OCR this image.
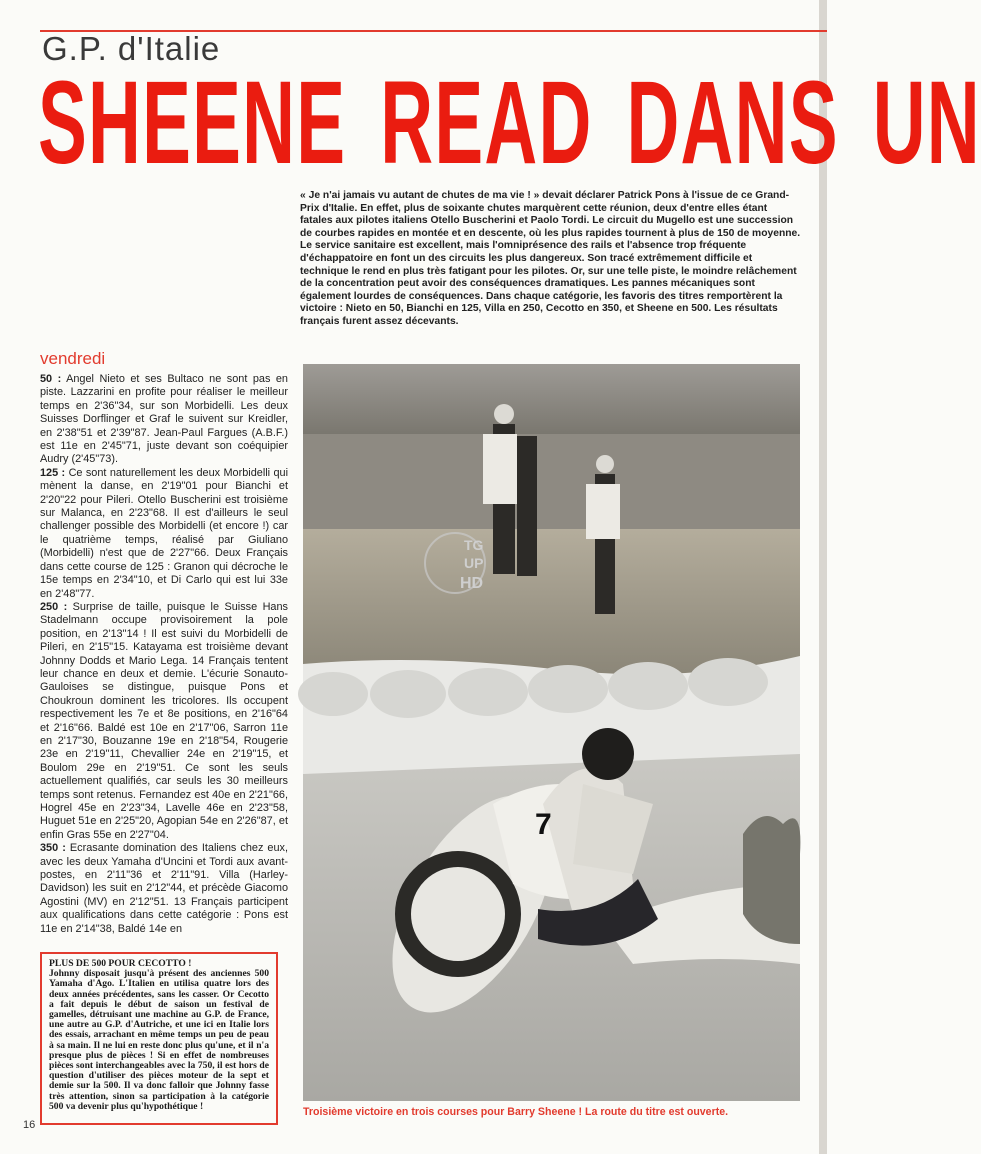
G.P. d'Italie
SHEENE READ DANS UN
« Je n'ai jamais vu autant de chutes de ma vie ! » devait déclarer Patrick Pons à l'issue de ce Grand-Prix d'Italie. En effet, plus de soixante chutes marquèrent cette réunion, deux d'entre elles étant fatales aux pilotes italiens Otello Buscherini et Paolo Tordi. Le circuit du Mugello est une succession de courbes rapides en montée et en descente, où les plus rapides tournent à plus de 150 de moyenne. Le service sanitaire est excellent, mais l'omniprésence des rails et l'absence trop fréquente d'échappatoire en font un des circuits les plus dangereux. Son tracé extrêmement difficile et technique le rend en plus très fatigant pour les pilotes. Or, sur une telle piste, le moindre relâchement de la concentration peut avoir des conséquences dramatiques. Les pannes mécaniques sont également lourdes de conséquences. Dans chaque catégorie, les favoris des titres remportèrent la victoire : Nieto en 50, Bianchi en 125, Villa en 250, Cecotto en 350, et Sheene en 500. Les résultats français furent assez décevants.
vendredi

50 : Angel Nieto et ses Bultaco ne sont pas en piste. Lazzarini en profite pour réaliser le meilleur temps en 2'36"34, sur son Morbidelli. Les deux Suisses Dorflinger et Graf le suivent sur Kreidler, en 2'38"51 et 2'39"87. Jean-Paul Fargues (A.B.F.) est 11e en 2'45"71, juste devant son coéquipier Audry (2'45"73).

125 : Ce sont naturellement les deux Morbidelli qui mènent la danse, en 2'19"01 pour Bianchi et 2'20"22 pour Pileri. Otello Buscherini est troisième sur Malanca, en 2'23"68. Il est d'ailleurs le seul challenger possible des Morbidelli (et encore !) car le quatrième temps, réalisé par Giuliano (Morbidelli) n'est que de 2'27"66. Deux Français dans cette course de 125 : Granon qui décroche le 15e temps en 2'34"10, et Di Carlo qui est lui 33e en 2'48"77.

250 : Surprise de taille, puisque le Suisse Hans Stadelmann occupe provisoirement la pole position, en 2'13"14 ! Il est suivi du Morbidelli de Pileri, en 2'15"15. Katayama est troisième devant Johnny Dodds et Mario Lega. 14 Français tentent leur chance en deux et demie. L'écurie Sonauto-Gauloises se distingue, puisque Pons et Choukroun dominent les tricolores. Ils occupent respectivement les 7e et 8e positions, en 2'16"64 et 2'16"66. Baldé est 10e en 2'17"06, Sarron 11e en 2'17"30, Bouzanne 19e en 2'18"54, Rougerie 23e en 2'19"11, Chevallier 24e en 2'19"15, et Boulom 29e en 2'19"51. Ce sont les seuls actuellement qualifiés, car seuls les 30 meilleurs temps sont retenus. Fernandez est 40e en 2'21"66, Hogrel 45e en 2'23"34, Lavelle 46e en 2'23"58, Huguet 51e en 2'25"20, Agopian 54e en 2'26"87, et enfin Gras 55e en 2'27"04.

350 : Ecrasante domination des Italiens chez eux, avec les deux Yamaha d'Uncini et Tordi aux avant-postes, en 2'11"36 et 2'11"91. Villa (Harley-Davidson) les suit en 2'12"44, et précède Giacomo Agostini (MV) en 2'12"51. 13 Français participent aux qualifications dans cette catégorie : Pons est 11e en 2'14"38, Baldé 14e en

7
TG
UP
HD
Troisième victoire en trois courses pour Barry Sheene ! La route du titre est ouverte.
PLUS DE 500 POUR CECOTTO !
Johnny disposait jusqu'à présent des anciennes 500 Yamaha d'Ago. L'Italien en utilisa quatre lors des deux années précédentes, sans les casser. Or Cecotto a fait depuis le début de saison un festival de gamelles, détruisant une machine au G.P. de France, une autre au G.P. d'Autriche, et une ici en Italie lors des essais, arrachant en même temps un peu de peau à sa main. Il ne lui en reste donc plus qu'une, et il n'a presque plus de pièces ! Si en effet de nombreuses pièces sont interchangeables avec la 750, il est hors de question d'utiliser des pièces moteur de la sept et demie sur la 500. Il va donc falloir que Johnny fasse très attention, sinon sa participation à la catégorie 500 va devenir plus qu'hypothétique !
16
